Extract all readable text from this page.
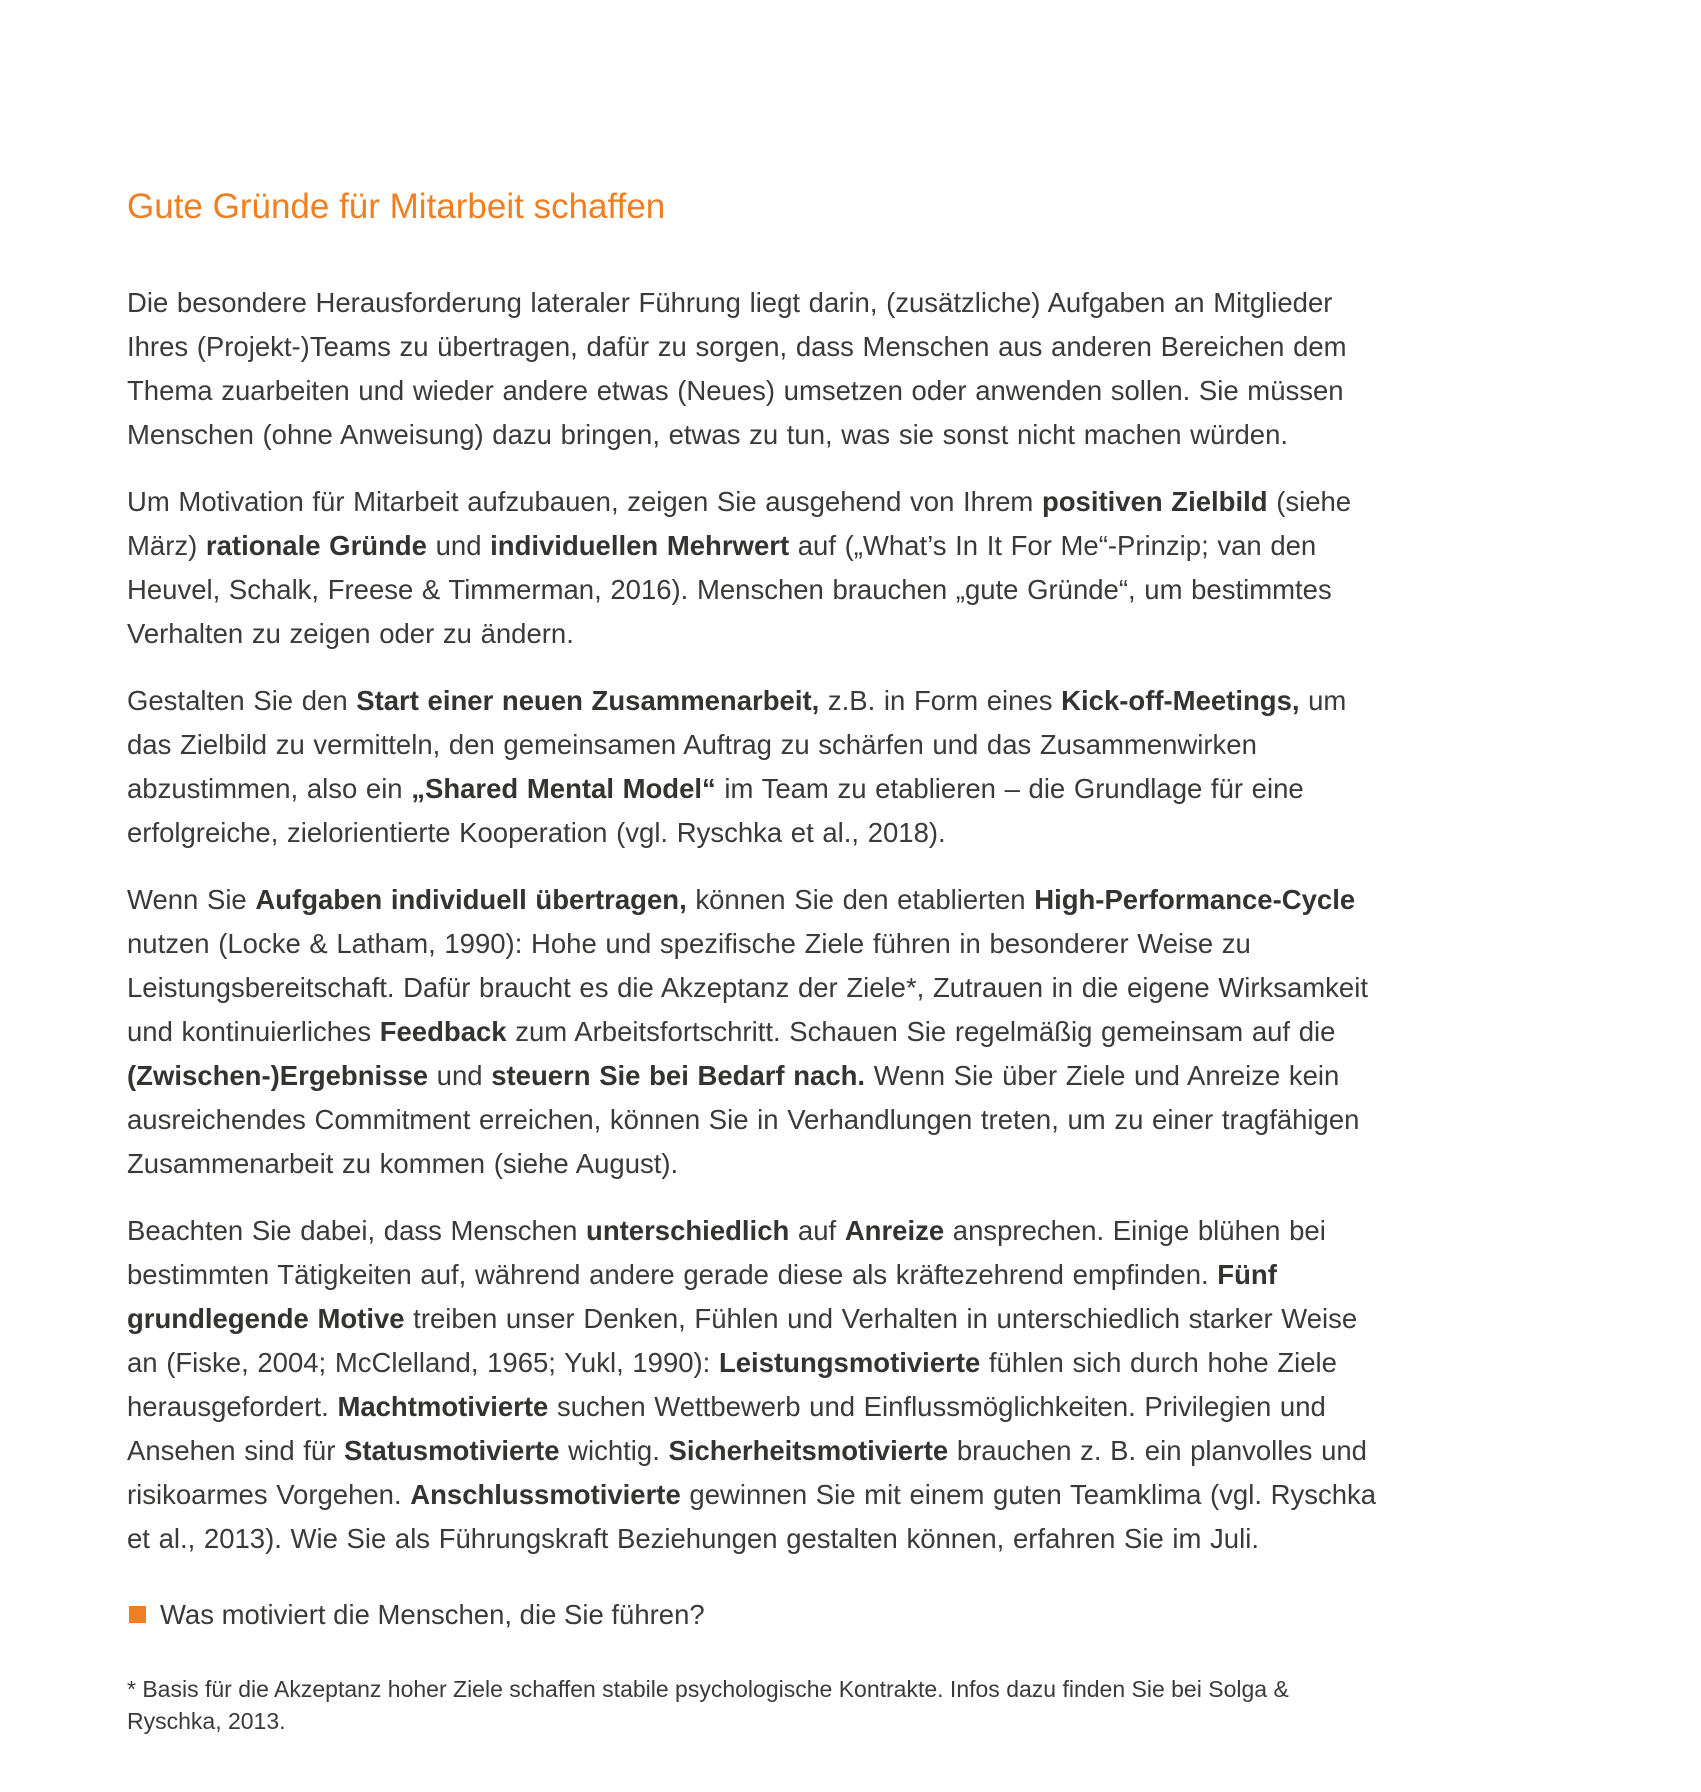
Gute Gründe für Mitarbeit schaffen

Die besondere Herausforderung lateraler Führung liegt darin, (zusätzliche) Aufgaben an Mitglieder Ihres (Projekt-)Teams zu übertragen, dafür zu sorgen, dass Menschen aus anderen Bereichen dem Thema zuarbeiten und wieder andere etwas (Neues) umsetzen oder anwenden sollen. Sie müssen Menschen (ohne Anweisung) dazu bringen, etwas zu tun, was sie sonst nicht machen würden.

Um Motivation für Mitarbeit aufzubauen, zeigen Sie ausgehend von Ihrem positiven Zielbild (siehe März) rationale Gründe und individuellen Mehrwert auf („What’s In It For Me“-Prinzip; van den Heuvel, Schalk, Freese & Timmerman, 2016). Menschen brauchen „gute Gründe“, um bestimmtes Verhalten zu zeigen oder zu ändern.

Gestalten Sie den Start einer neuen Zusammenarbeit, z.B. in Form eines Kick-off-Meetings, um das Zielbild zu vermitteln, den gemeinsamen Auftrag zu schärfen und das Zusammenwirken abzustimmen, also ein „Shared Mental Model“ im Team zu etablieren – die Grundlage für eine erfolgreiche, zielorientierte Kooperation (vgl. Ryschka et al., 2018).

Wenn Sie Aufgaben individuell übertragen, können Sie den etablierten High-Performance-Cycle nutzen (Locke & Latham, 1990): Hohe und spezifische Ziele führen in besonderer Weise zu Leistungsbereitschaft. Dafür braucht es die Akzeptanz der Ziele*, Zutrauen in die eigene Wirksamkeit und kontinuierliches Feedback zum Arbeitsfortschritt. Schauen Sie regelmäßig gemeinsam auf die (Zwischen-)Ergebnisse und steuern Sie bei Bedarf nach. Wenn Sie über Ziele und Anreize kein ausreichendes Commitment erreichen, können Sie in Verhandlungen treten, um zu einer tragfähigen Zusammenarbeit zu kommen (siehe August).

Beachten Sie dabei, dass Menschen unterschiedlich auf Anreize ansprechen. Einige blühen bei bestimmten Tätigkeiten auf, während andere gerade diese als kräftezehrend empfinden. Fünf grundlegende Motive treiben unser Denken, Fühlen und Verhalten in unterschiedlich starker Weise an (Fiske, 2004; McClelland, 1965; Yukl, 1990): Leistungsmotivierte fühlen sich durch hohe Ziele herausgefordert. Machtmotivierte suchen Wettbewerb und Einflussmöglichkeiten. Privilegien und Ansehen sind für Statusmotivierte wichtig. Sicherheitsmotivierte brauchen z. B. ein planvolles und risikoarmes Vorgehen. Anschlussmotivierte gewinnen Sie mit einem guten Teamklima (vgl. Ryschka et al., 2013). Wie Sie als Führungskraft Beziehungen gestalten können, erfahren Sie im Juli.

Was motiviert die Menschen, die Sie führen?

* Basis für die Akzeptanz hoher Ziele schaffen stabile psychologische Kontrakte. Infos dazu finden Sie bei Solga & Ryschka, 2013.
